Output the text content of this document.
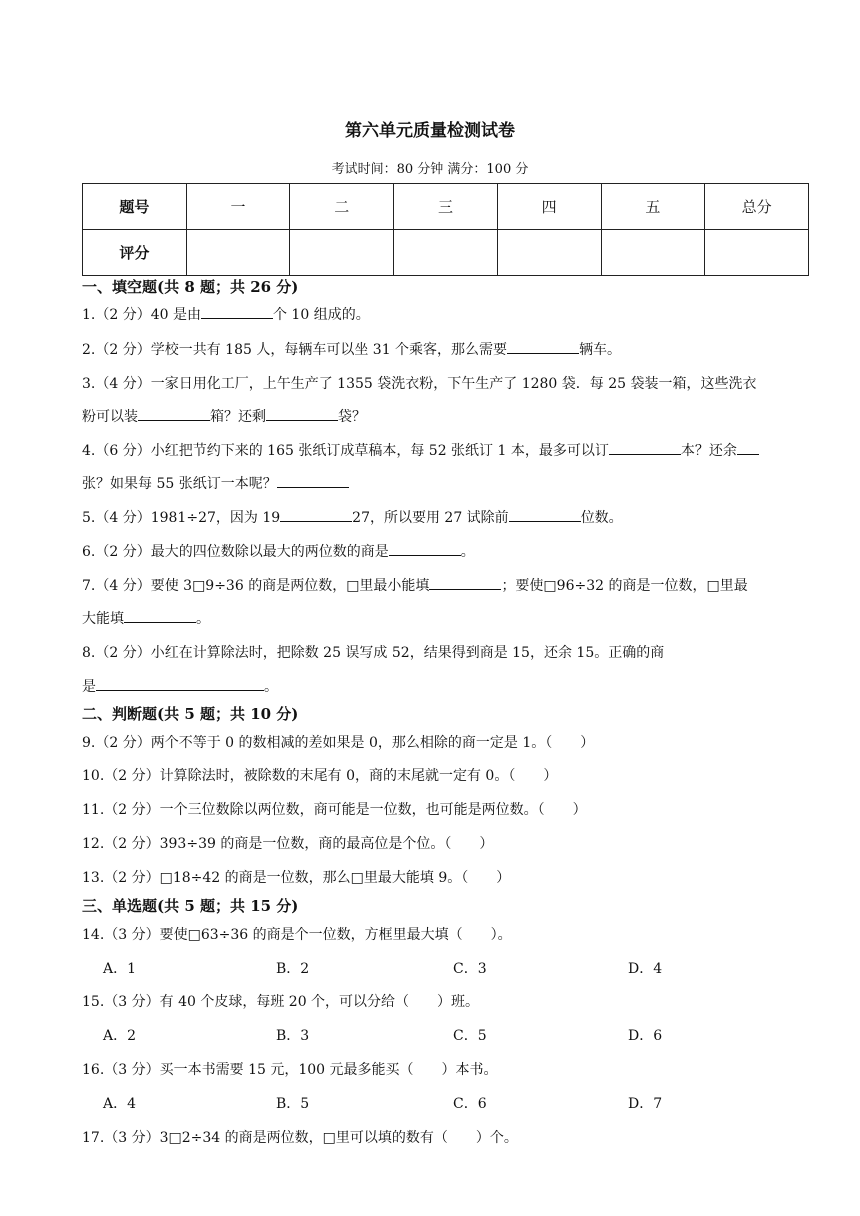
第六单元质量检测试卷
考试时间：80 分钟 满分：100 分
题号	一	二	三	四	五	总分
评分						
一、填空题(共 8 题；共 26 分)
1.（2 分）40 是由	个 10 组成的。
2.（2 分）学校一共有 185 人，每辆车可以坐 31 个乘客，那么需要	辆车。
3.（4 分）一家日用化工厂，上午生产了 1355 袋洗衣粉，下午生产了 1280 袋．每 25 袋装一箱，这些洗衣
粉可以装	箱？还剩	袋？
4.（6 分）小红把节约下来的 165 张纸订成草稿本，每 52 张纸订 1 本，最多可以订	本？还余
张？如果每 55 张纸订一本呢？
5.（4 分）1981÷27，因为 19	27，所以要用 27 试除前	位数。
6.（2 分）最大的四位数除以最大的两位数的商是	。
7.（4 分）要使 3□9÷36 的商是两位数，□里最小能填	；要使□96÷32 的商是一位数，□里最
大能填	。
8.（2 分）小红在计算除法时，把除数 25 误写成 52，结果得到商是 15，还余 15。正确的商
是	。
二、判断题(共 5 题；共 10 分)
9.（2 分）两个不等于 0 的数相减的差如果是 0，那么相除的商一定是 1。（　　）
10.（2 分）计算除法时，被除数的末尾有 0，商的末尾就一定有 0。（　　）
11.（2 分）一个三位数除以两位数，商可能是一位数，也可能是两位数。（　　）
12.（2 分）393÷39 的商是一位数，商的最高位是个位。（　　）
13.（2 分）□18÷42 的商是一位数，那么□里最大能填 9。（　　）
三、单选题(共 5 题；共 15 分)
14.（3 分）要使□63÷36 的商是个一位数，方框里最大填（　　）。
A．1	B．2	C．3	D．4
15.（3 分）有 40 个皮球，每班 20 个，可以分给（　　）班。
A．2	B．3	C．5	D．6
16.（3 分）买一本书需要 15 元，100 元最多能买（　　）本书。
A．4	B．5	C．6	D．7
17.（3 分）3□2÷34 的商是两位数，□里可以填的数有（　　）个。
